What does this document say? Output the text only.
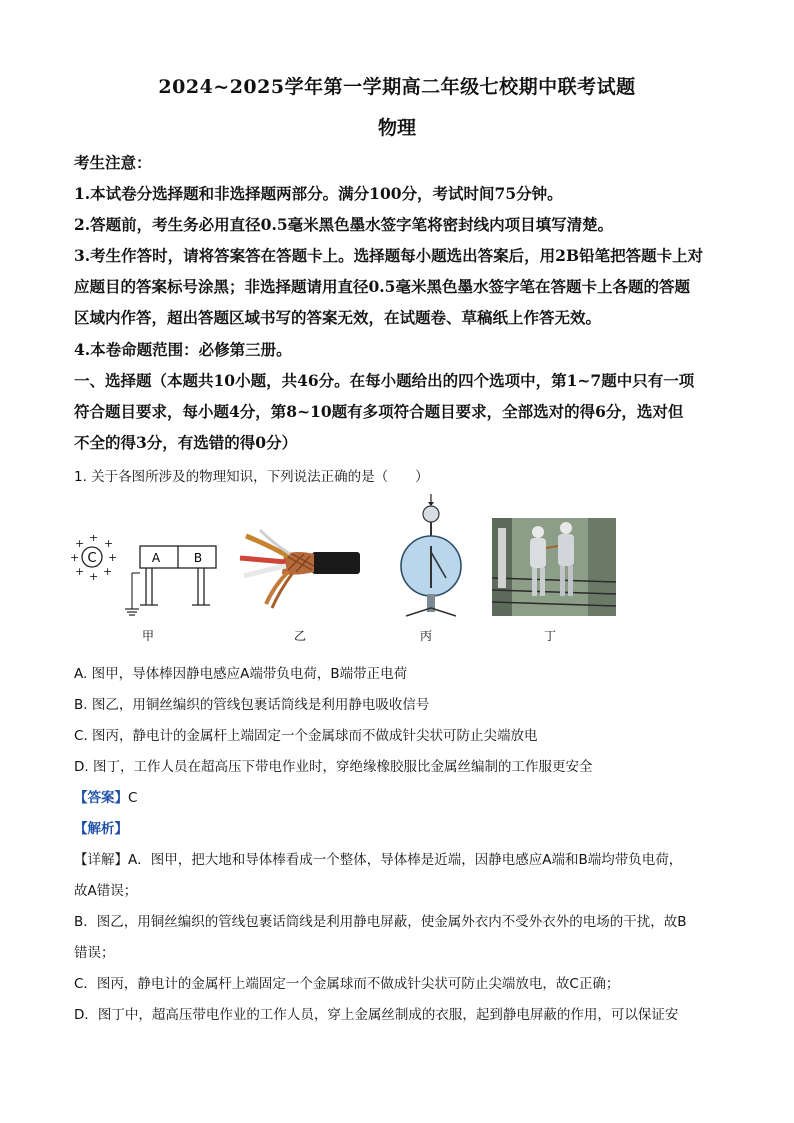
2024~2025学年第一学期高二年级七校期中联考试题
物理
考生注意：
1.本试卷分选择题和非选择题两部分。满分100分，考试时间75分钟。
2.答题前，考生务必用直径0.5毫米黑色墨水签字笔将密封线内项目填写清楚。
3.考生作答时，请将答案答在答题卡上。选择题每小题选出答案后，用2B铅笔把答题卡上对
应题目的答案标号涂黑；非选择题请用直径0.5毫米黑色墨水签字笔在答题卡上各题的答题
区域内作答，超出答题区域书写的答案无效，在试题卷、草稿纸上作答无效。
4.本卷命题范围：必修第三册。
一、选择题（本题共10小题，共46分。在每小题给出的四个选项中，第1~7题中只有一项
符合题目要求，每小题4分，第8~10题有多项符合题目要求，全部选对的得6分，选对但
不全的得3分，有选错的得0分）
1. 关于各图所涉及的物理知识，下列说法正确的是（　　）
C
+ +
+
+
+
+
+
+
A	B
甲	乙	丙	丁
A. 图甲，导体棒因静电感应A端带负电荷，B端带正电荷
B. 图乙，用铜丝编织的管线包裹话筒线是利用静电吸收信号
C. 图丙，静电计的金属杆上端固定一个金属球而不做成针尖状可防止尖端放电
D. 图丁，工作人员在超高压下带电作业时，穿绝缘橡胶服比金属丝编制的工作服更安全
【答案】C
【解析】
【详解】A．图甲，把大地和导体棒看成一个整体，导体棒是近端，因静电感应A端和B端均带负电荷，
故A错误；
B．图乙，用铜丝编织的管线包裹话筒线是利用静电屏蔽，使金属外衣内不受外衣外的电场的干扰，故B
错误；
C．图丙，静电计的金属杆上端固定一个金属球而不做成针尖状可防止尖端放电，故C正确；
D．图丁中，超高压带电作业的工作人员，穿上金属丝制成的衣服，起到静电屏蔽的作用，可以保证安
